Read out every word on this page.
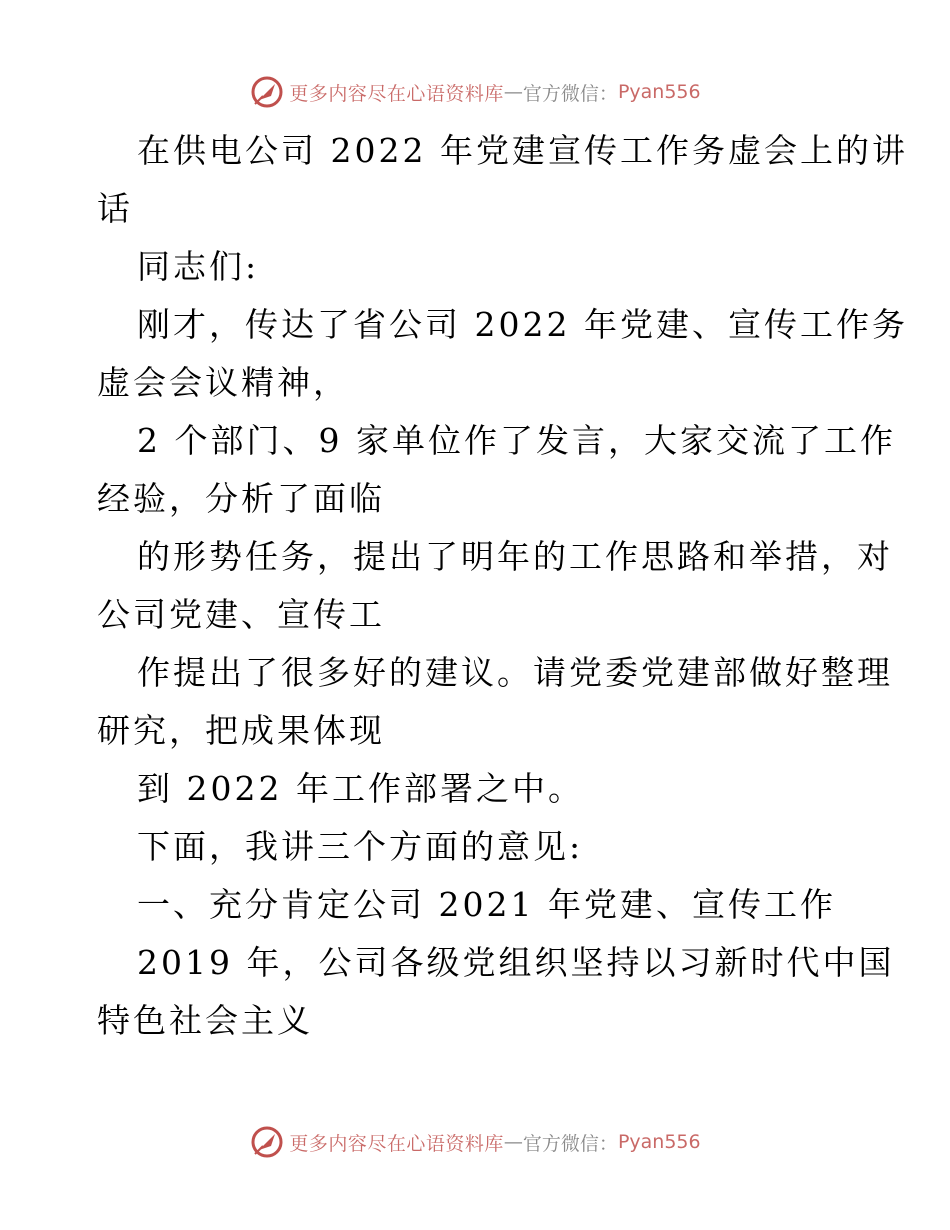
更多内容尽在心语资料库 — 官方微信： Pyan556
在供电公司 2022 年党建宣传工作务虚会上的讲
话
同志们:
刚才，传达了省公司 2022 年党建、宣传工作务
虚会会议精神，
2 个部门、9 家单位作了发言，大家交流了工作
经验，分析了面临
的形势任务，提出了明年的工作思路和举措，对
公司党建、宣传工
作提出了很多好的建议。请党委党建部做好整理
研究，把成果体现
到 2022 年工作部署之中。
下面，我讲三个方面的意见:
一、充分肯定公司 2021 年党建、宣传工作
2019 年，公司各级党组织坚持以习新时代中国
特色社会主义
更多内容尽在心语资料库 — 官方微信： Pyan556
